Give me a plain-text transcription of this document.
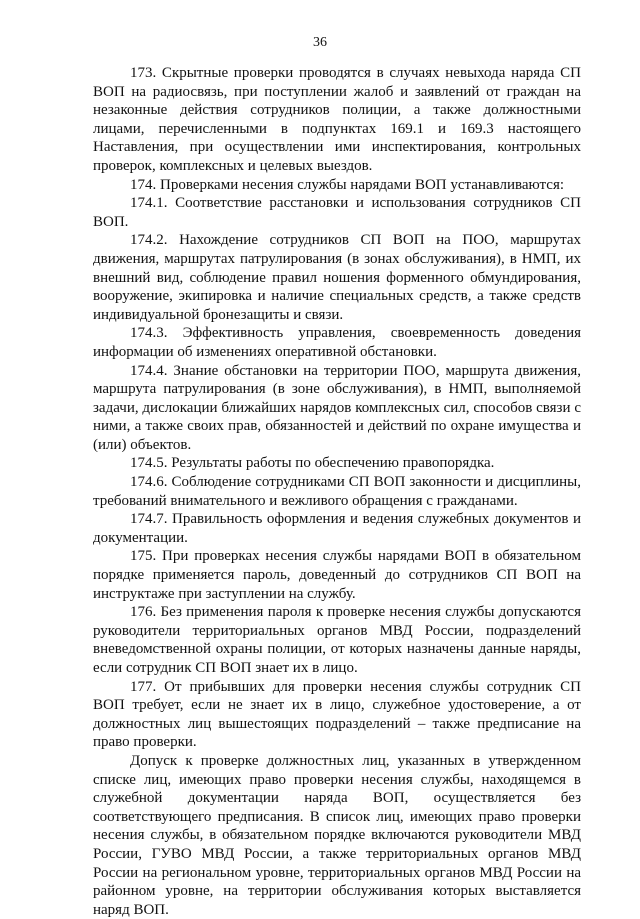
36

173. Скрытные проверки проводятся в случаях невыхода наряда СП ВОП на радиосвязь, при поступлении жалоб и заявлений от граждан на незаконные действия сотрудников полиции, а также должностными лицами, перечисленными в подпунктах 169.1 и 169.3 настоящего Наставления, при осуществлении ими инспектирования, контрольных проверок, комплексных и целевых выездов.

174. Проверками несения службы нарядами ВОП устанавливаются:

174.1. Соответствие расстановки и использования сотрудников СП ВОП.

174.2. Нахождение сотрудников СП ВОП на ПОО, маршрутах движения, маршрутах патрулирования (в зонах обслуживания), в НМП, их внешний вид, соблюдение правил ношения форменного обмундирования, вооружение, экипировка и наличие специальных средств, а также средств индивидуальной бронезащиты и связи.

174.3. Эффективность управления, своевременность доведения информации об изменениях оперативной обстановки.

174.4. Знание обстановки на территории ПОО, маршрута движения, маршрута патрулирования (в зоне обслуживания), в НМП, выполняемой задачи, дислокации ближайших нарядов комплексных сил, способов связи с ними, а также своих прав, обязанностей и действий по охране имущества и (или) объектов.

174.5. Результаты работы по обеспечению правопорядка.

174.6. Соблюдение сотрудниками СП ВОП законности и дисциплины, требований внимательного и вежливого обращения с гражданами.

174.7. Правильность оформления и ведения служебных документов и документации.

175. При проверках несения службы нарядами ВОП в обязательном порядке применяется пароль, доведенный до сотрудников СП ВОП на инструктаже при заступлении на службу.

176. Без применения пароля к проверке несения службы допускаются руководители территориальных органов МВД России, подразделений вневедомственной охраны полиции, от которых назначены данные наряды, если сотрудник СП ВОП знает их в лицо.

177. От прибывших для проверки несения службы сотрудник СП ВОП требует, если не знает их в лицо, служебное удостоверение, а от должностных лиц вышестоящих подразделений – также предписание на право проверки.

Допуск к проверке должностных лиц, указанных в утвержденном списке лиц, имеющих право проверки несения службы, находящемся в служебной документации наряда ВОП, осуществляется без соответствующего предписания. В список лиц, имеющих право проверки несения службы, в обязательном порядке включаются руководители МВД России, ГУВО МВД России, а также территориальных органов МВД России на региональном уровне, территориальных органов МВД России на районном уровне, на территории обслуживания которых выставляется наряд ВОП.
